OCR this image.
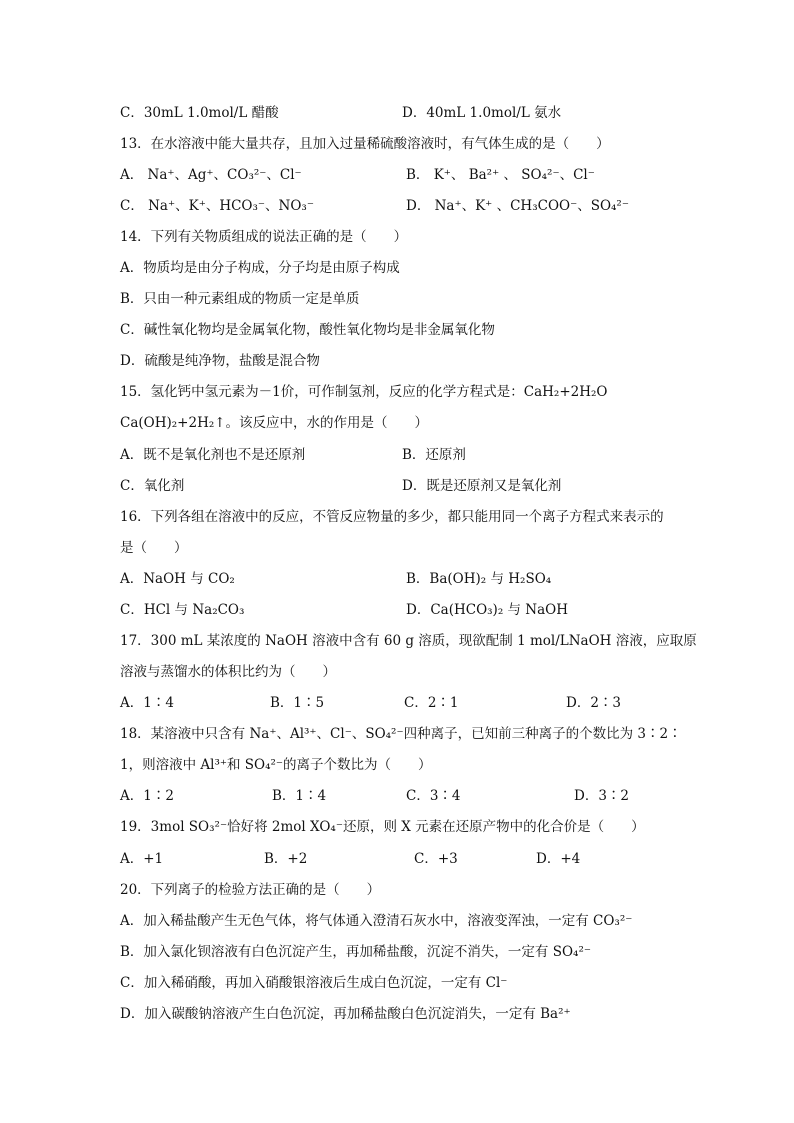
C．30mL 1.0mol/L 醋酸	D．40mL 1.0mol/L 氨水
13．在水溶液中能大量共存，且加入过量稀硫酸溶液时，有气体生成的是（　　）
A． Na⁺、Ag⁺、CO₃²⁻、Cl⁻	B． K⁺、 Ba²⁺ 、 SO₄²⁻、Cl⁻
C． Na⁺、K⁺、HCO₃⁻、NO₃⁻	D． Na⁺、K⁺ 、CH₃COO⁻、SO₄²⁻
14．下列有关物质组成的说法正确的是（　　）
A．物质均是由分子构成，分子均是由原子构成
B．只由一种元素组成的物质一定是单质
C．碱性氧化物均是金属氧化物，酸性氧化物均是非金属氧化物
D．硫酸是纯净物，盐酸是混合物
15．氢化钙中氢元素为－1价，可作制氢剂，反应的化学方程式是：CaH₂+2H₂O
Ca(OH)₂+2H₂↑。该反应中，水的作用是（　　）
A．既不是氧化剂也不是还原剂	B．还原剂
C．氧化剂	D．既是还原剂又是氧化剂
16．下列各组在溶液中的反应，不管反应物量的多少，都只能用同一个离子方程式来表示的
是（　　）
A．NaOH 与 CO₂	B．Ba(OH)₂ 与 H₂SO₄
C．HCl 与 Na₂CO₃	D．Ca(HCO₃)₂ 与 NaOH
17．300 mL 某浓度的 NaOH 溶液中含有 60 g 溶质，现欲配制 1 mol/LNaOH 溶液，应取原
溶液与蒸馏水的体积比约为（　　）
A．1∶4	B．1∶5	C．2∶1	D．2∶3
18．某溶液中只含有 Na⁺、Al³⁺、Cl⁻、SO₄²⁻四种离子，已知前三种离子的个数比为 3∶2∶
1，则溶液中 Al³⁺和 SO₄²⁻的离子个数比为（　　）
A．1∶2	B．1∶4	C．3∶4	D．3∶2
19．3mol SO₃²⁻恰好将 2mol XO₄⁻还原，则 X 元素在还原产物中的化合价是（　　）
A．+1	B．+2	C．+3	D．+4
20．下列离子的检验方法正确的是（　　）
A．加入稀盐酸产生无色气体，将气体通入澄清石灰水中，溶液变浑浊，一定有 CO₃²⁻
B．加入氯化钡溶液有白色沉淀产生，再加稀盐酸，沉淀不消失，一定有 SO₄²⁻
C．加入稀硝酸，再加入硝酸银溶液后生成白色沉淀，一定有 Cl⁻
D．加入碳酸钠溶液产生白色沉淀，再加稀盐酸白色沉淀消失，一定有 Ba²⁺
